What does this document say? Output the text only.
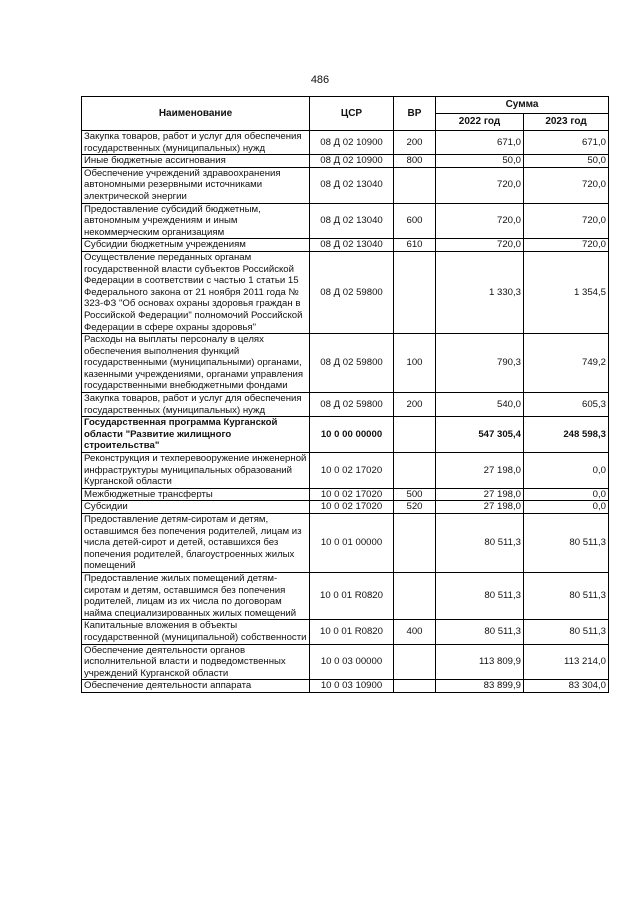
486
Наименование	ЦСР	ВР	Сумма	
			2022 год	2023 год
Закупка товаров, работ и услуг для обеспечения государственных (муниципальных) нужд	08 Д 02 10900	200	671,0	671,0
Иные бюджетные ассигнования	08 Д 02 10900	800	50,0	50,0
Обеспечение учреждений здравоохранения автономными резервными источниками электрической энергии	08 Д 02 13040		720,0	720,0
Предоставление субсидий бюджетным, автономным учреждениям и иным некоммерческим организациям	08 Д 02 13040	600	720,0	720,0
Субсидии бюджетным учреждениям	08 Д 02 13040	610	720,0	720,0
Осуществление переданных органам государственной власти субъектов Российской Федерации в соответствии с частью 1 статьи 15 Федерального закона от 21 ноября 2011 года № 323-ФЗ "Об основах охраны здоровья граждан в Российской Федерации" полномочий Российской Федерации в сфере охраны здоровья"	08 Д 02 59800		1 330,3	1 354,5
Расходы на выплаты персоналу в целях обеспечения выполнения функций государственными (муниципальными) органами, казенными учреждениями, органами управления государственными внебюджетными фондами	08 Д 02 59800	100	790,3	749,2
Закупка товаров, работ и услуг для обеспечения государственных (муниципальных) нужд	08 Д 02 59800	200	540,0	605,3
Государственная программа Курганской области "Развитие жилищного строительства"	10 0 00 00000		547 305,4	248 598,3
Реконструкция и техперевооружение инженерной инфраструктуры муниципальных образований Курганской области	10 0 02 17020		27 198,0	0,0
Межбюджетные трансферты	10 0 02 17020	500	27 198,0	0,0
Субсидии	10 0 02 17020	520	27 198,0	0,0
Предоставление детям-сиротам и детям, оставшимся без попечения родителей, лицам из числа детей-сирот и детей, оставшихся без попечения родителей, благоустроенных жилых помещений	10 0 01 00000		80 511,3	80 511,3
Предоставление жилых помещений детям-сиротам и детям, оставшимся без попечения родителей, лицам из их числа по договорам найма специализированных жилых помещений	10 0 01 R0820		80 511,3	80 511,3
Капитальные вложения в объекты государственной (муниципальной) собственности	10 0 01 R0820	400	80 511,3	80 511,3
Обеспечение деятельности органов исполнительной власти и подведомственных учреждений Курганской области	10 0 03 00000		113 809,9	113 214,0
Обеспечение деятельности аппарата	10 0 03 10900		83 899,9	83 304,0
